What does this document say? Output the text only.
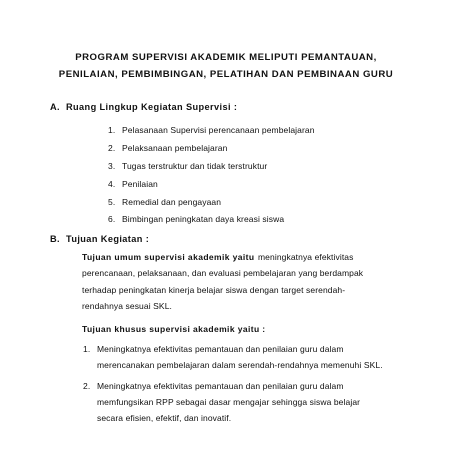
PROGRAM SUPERVISI AKADEMIK MELIPUTI PEMANTAUAN,
PENILAIAN, PEMBIMBINGAN, PELATIHAN DAN PEMBINAAN GURU
A. Ruang Lingkup Kegiatan Supervisi :
1. Pelasanaan Supervisi perencanaan pembelajaran
2. Pelaksanaan pembelajaran
3. Tugas terstruktur dan tidak terstruktur
4. Penilaian
5. Remedial dan pengayaan
6. Bimbingan peningkatan daya kreasi siswa
B. Tujuan Kegiatan :
Tujuan umum supervisi akademik yaitu meningkatnya efektivitas
perencanaan, pelaksanaan, dan evaluasi pembelajaran yang berdampak
terhadap peningkatan kinerja belajar siswa dengan target serendah-
rendahnya sesuai SKL.
Tujuan khusus supervisi akademik yaitu :
1. Meningkatnya efektivitas pemantauan dan penilaian guru dalam
merencanakan pembelajaran dalam serendah-rendahnya memenuhi SKL.
2. Meningkatnya efektivitas pemantauan dan penilaian guru dalam
memfungsikan RPP sebagai dasar mengajar sehingga siswa belajar
secara efisien, efektif, dan inovatif.
